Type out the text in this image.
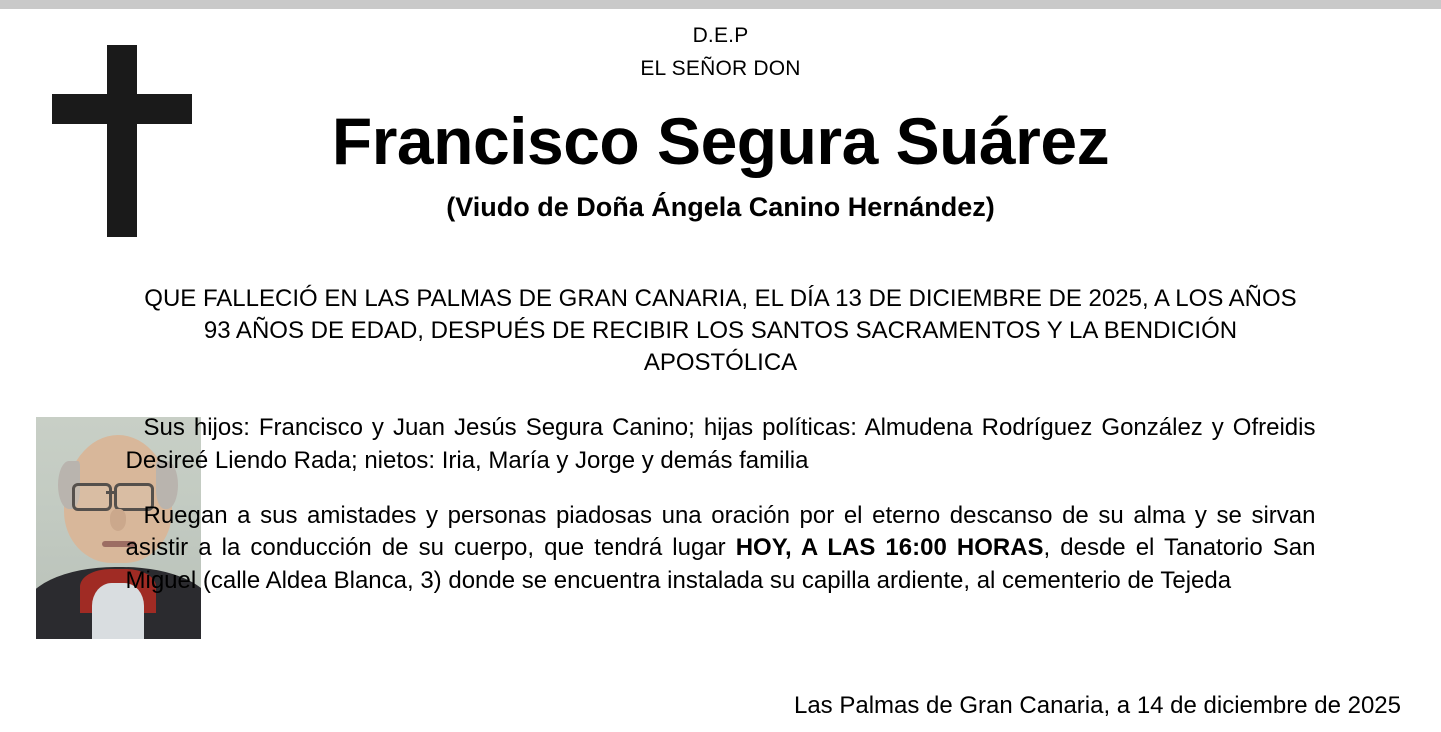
D.E.P
EL SEÑOR DON
Francisco Segura Suárez
(Viudo de Doña Ángela Canino Hernández)
QUE FALLECIÓ EN LAS PALMAS DE GRAN CANARIA, EL DÍA 13 DE DICIEMBRE DE 2025, A LOS AÑOS 93 AÑOS DE EDAD, DESPUÉS DE RECIBIR LOS SANTOS SACRAMENTOS Y LA BENDICIÓN APOSTÓLICA
Sus hijos: Francisco y Juan Jesús Segura Canino; hijas políticas: Almudena Rodríguez González y Ofreidis Desireé Liendo Rada; nietos: Iria, María y Jorge y demás familia
Ruegan a sus amistades y personas piadosas una oración por el eterno descanso de su alma y se sirvan asistir a la conducción de su cuerpo, que tendrá lugar HOY, A LAS 16:00 HORAS, desde el Tanatorio San Miguel (calle Aldea Blanca, 3) donde se encuentra instalada su capilla ardiente, al cementerio de Tejeda
Las Palmas de Gran Canaria, a 14 de diciembre de 2025
